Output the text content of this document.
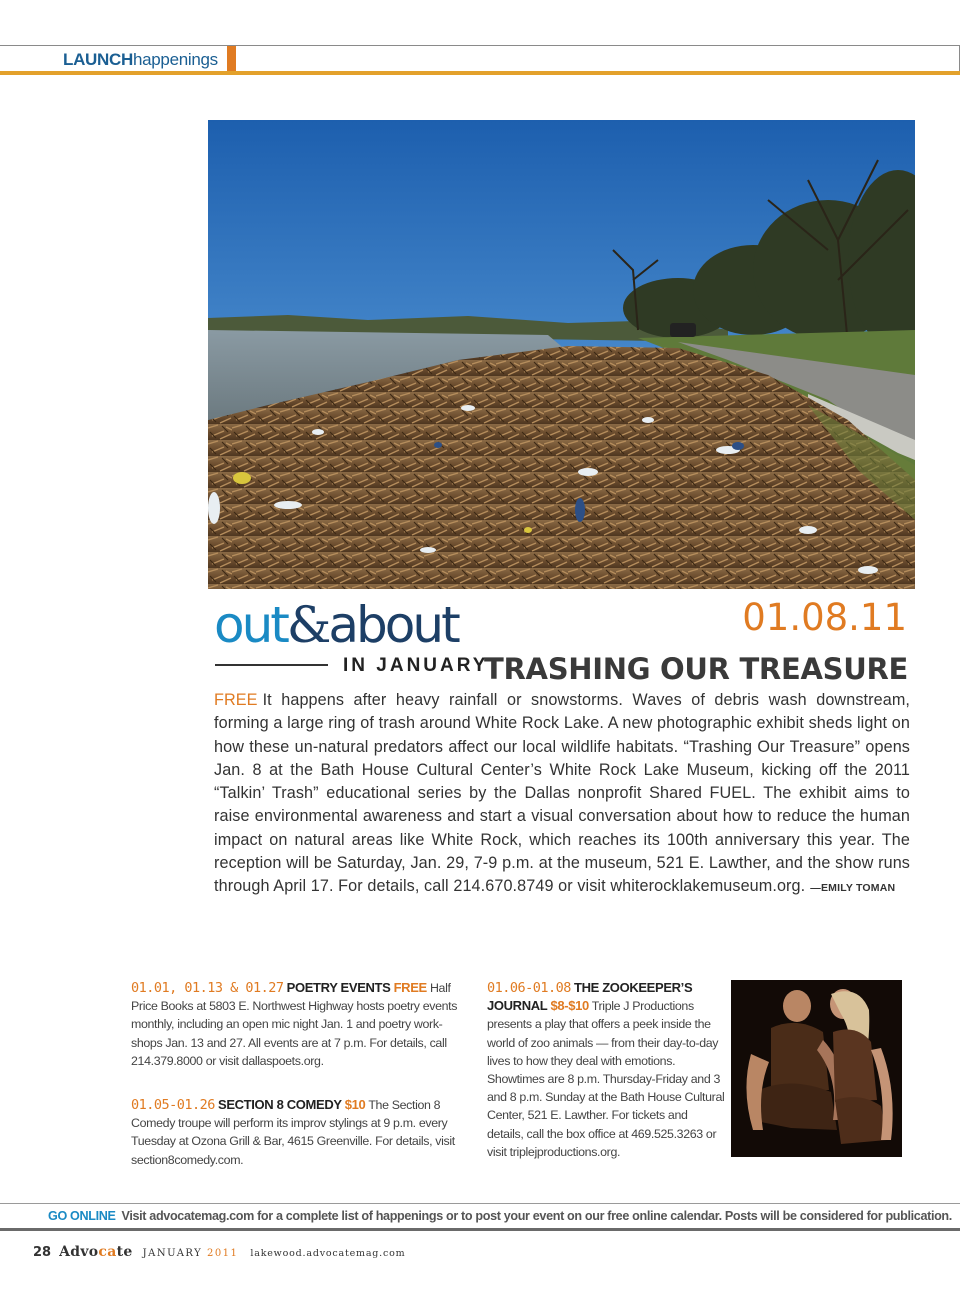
LAUNCHhappenings
out&about
IN JANUARY
01.08.11
TRASHING OUR TREASURE
FREE It happens after heavy rainfall or snowstorms. Waves of debris wash downstream, forming a large ring of trash around White Rock Lake. A new photographic exhibit sheds light on how these un-natural predators affect our local wildlife habitats. “Trashing Our Treasure” opens Jan. 8 at the Bath House Cultural Center’s White Rock Lake Museum, kicking off the 2011 “Talkin’ Trash” educational series by the Dallas nonprofit Shared FUEL. The exhibit aims to raise environmental awareness and start a visual conversation about how to reduce the human impact on natural areas like White Rock, which reaches its 100th anniversary this year. The reception will be Saturday, Jan. 29, 7-9 p.m. at the museum, 521 E. Lawther, and the show runs through April 17. For details, call 214.670.8749 or visit whiterocklakemuseum.org. —EMILY TOMAN
01.01, 01.13 & 01.27 POETRY EVENTS FREE Half Price Books at 5803 E. Northwest Highway hosts poetry events monthly, including an open mic night Jan. 1 and poetry work-shops Jan. 13 and 27. All events are at 7 p.m. For details, call 214.379.8000 or visit dallaspoets.org.
01.05-01.26 SECTION 8 COMEDY $10 The Section 8 Comedy troupe will perform its improv stylings at 9 p.m. every Tuesday at Ozona Grill & Bar, 4615 Greenville. For details, visit section8comedy.com.
01.06-01.08 THE ZOOKEEPER’S JOURNAL $8-$10 Triple J Productions presents a play that offers a peek inside the world of zoo animals — from their day-to-day lives to how they deal with emotions. Showtimes are 8 p.m. Thursday-Friday and 3 and 8 p.m. Sunday at the Bath House Cultural Center, 521 E. Lawther. For tickets and details, call the box office at 469.525.3263 or visit triplejproductions.org.
GO ONLINE Visit advocatemag.com for a complete list of happenings or to post your event on our free online calendar. Posts will be considered for publication.
28 Advocate JANUARY 2011 lakewood.advocatemag.com
